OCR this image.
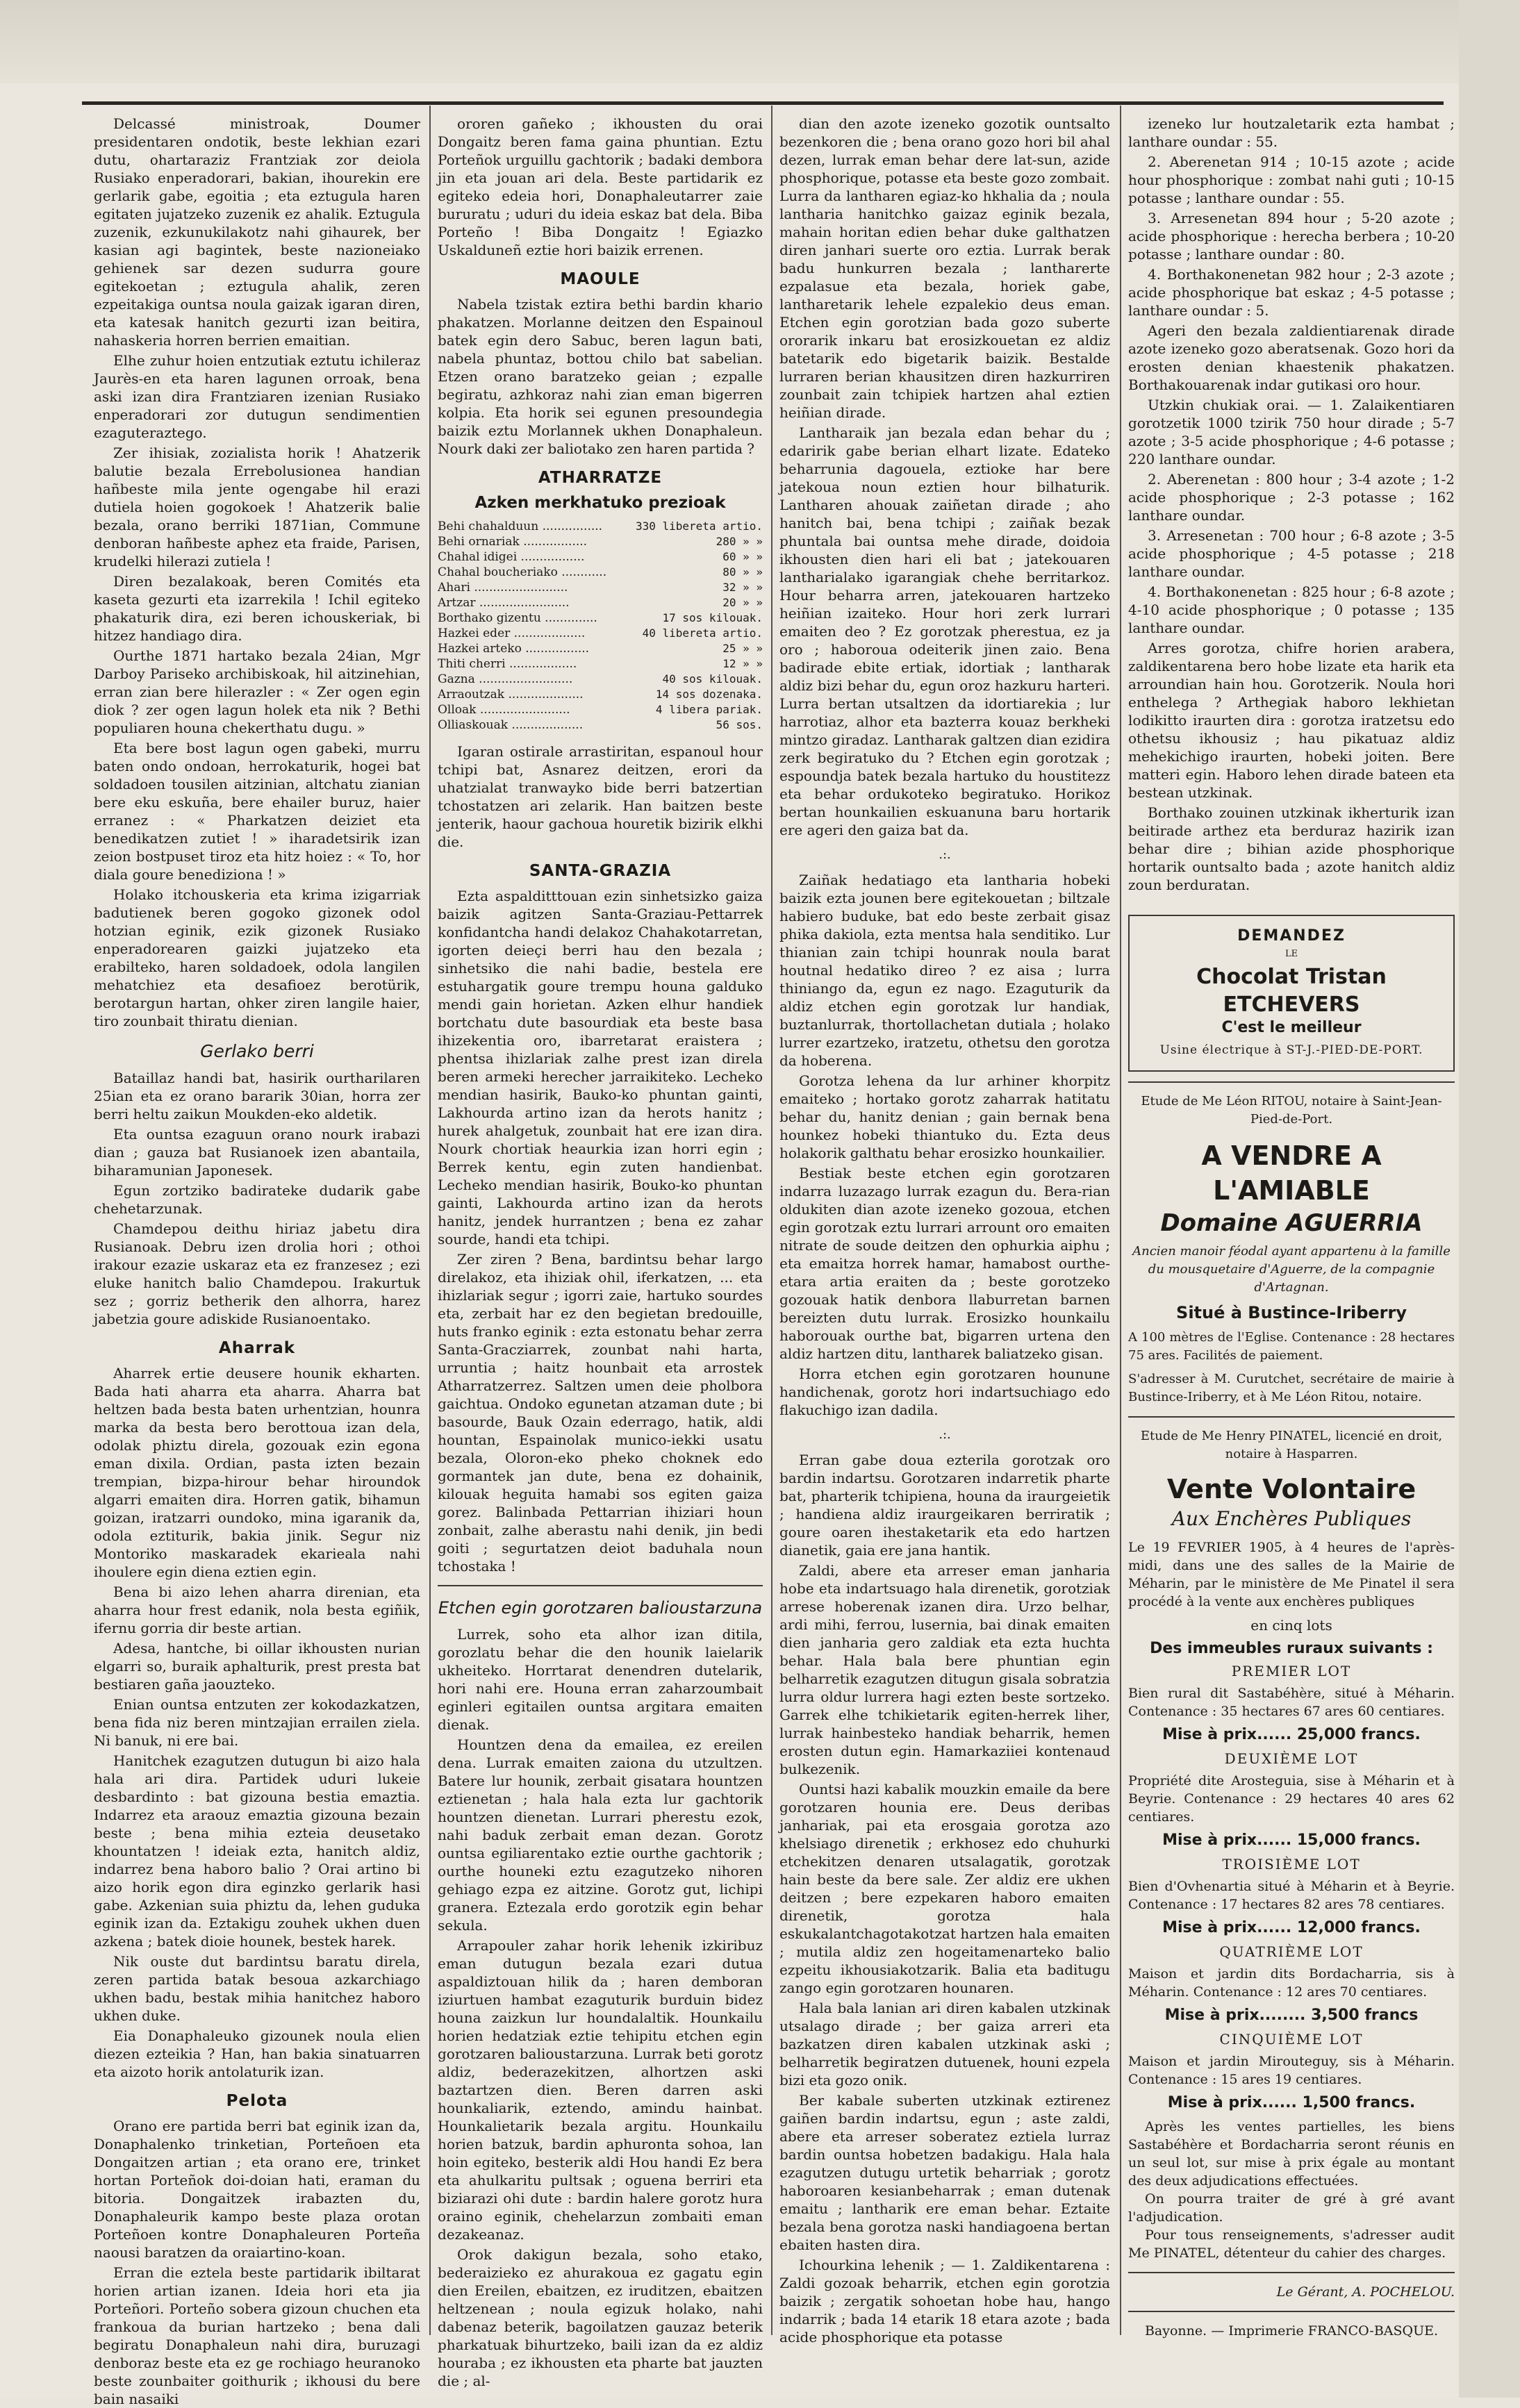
Delcassé ministroak, Doumer presidentaren ondotik, beste lekhian ezari dutu, ohartaraziz Frantziak zor deiola Rusiako enperadorari, bakian, ihourekin ere gerlarik gabe, egoitia ; eta eztugula haren egitaten jujatzeko zuzenik ez ahalik. Eztugula zuzenik, ezkunukilakotz nahi gihaurek, ber kasian agi bagintek, beste nazioneiako gehienek sar dezen sudurra goure egitekoetan ; eztugula ahalik, zeren ezpeitakiga ountsa noula gaizak igaran diren, eta katesak hanitch gezurti izan beitira, nahaskeria horren berrien emaitian.

Elhe zuhur hoien entzutiak eztutu ichileraz Jaurès-en eta haren lagunen orroak, bena aski izan dira Frantziaren izenian Rusiako enperadorari zor dutugun sendimentien ezaguteraztego.

Zer ihisiak, zozialista horik ! Ahatzerik balutie bezala Errebolusionea handian hañbeste mila jente ogengabe hil erazi dutiela hoien gogokoek ! Ahatzerik balie bezala, orano berriki 1871ian, Commune denboran hañbeste aphez eta fraide, Parisen, krudelki hilerazi zutiela !

Diren bezalakoak, beren Comités eta kaseta gezurti eta izarrekila ! Ichil egiteko phakaturik dira, ezi beren ichouskeriak, bi hitzez handiago dira.

Ourthe 1871 hartako bezala 24ian, Mgr Darboy Pariseko archibiskoak, hil aitzinehian, erran zian bere hilerazler : « Zer ogen egin diok ? zer ogen lagun holek eta nik ? Bethi populiaren houna chekerthatu dugu. »

Eta bere bost lagun ogen gabeki, murru baten ondo ondoan, herrokaturik, hogei bat soldadoen tousilen aitzinian, altchatu zianian bere eku eskuña, bere ehailer buruz, haier erranez : « Pharkatzen deiziet eta benedikatzen zutiet ! » iharadetsirik izan zeion bostpuset tiroz eta hitz hoiez : « To, hor diala goure benediziona ! »

Holako itchouskeria eta krima izigarriak badutienek beren gogoko gizonek odol hotzian eginik, ezik gizonek Rusiako enperadorearen gaizki jujatzeko eta erabilteko, haren soldadoek, odola langilen mehatchiez eta desafioez berotürik, berotargun hartan, ohker ziren langile haier, tiro zounbait thiratu dienian.

Gerlako berri

Bataillaz handi bat, hasirik ourtharilaren 25ian eta ez orano bararik 30ian, horra zer berri heltu zaikun Moukden-eko aldetik.

Eta ountsa ezaguun orano nourk irabazi dian ; gauza bat Rusianoek izen abantaila, biharamunian Japonesek.

Egun zortziko badirateke dudarik gabe chehetarzunak.

Chamdepou deithu hiriaz jabetu dira Rusianoak. Debru izen drolia hori ; othoi irakour ezazie uskaraz eta ez franzesez ; ezi eluke hanitch balio Chamdepou. Irakurtuk sez ; gorriz betherik den alhorra, harez jabetzia goure adiskide Rusianoentako.

Aharrak

Aharrek ertie deusere hounik ekharten. Bada hati aharra eta aharra. Aharra bat heltzen bada besta baten urhentzian, hounra marka da besta bero berottoua izan dela, odolak phiztu direla, gozouak ezin egona eman dixila. Ordian, pasta izten bezain trempian, bizpa-hirour behar hiroundok algarri emaiten dira. Horren gatik, bihamun goizan, iratzarri oundoko, mina igaranik da, odola eztiturik, bakia jinik. Segur niz Montoriko maskaradek ekarieala nahi ihoulere egin diena eztien egin.

Bena bi aizo lehen aharra direnian, eta aharra hour frest edanik, nola besta egiñik, ifernu gorria dir beste artian.

Adesa, hantche, bi oillar ikhousten nurian elgarri so, buraik aphalturik, prest presta bat bestiaren gaña jaouzteko.

Enian ountsa entzuten zer kokodazkatzen, bena fida niz beren mintzajian errailen ziela. Ni banuk, ni ere bai.

Hanitchek ezagutzen dutugun bi aizo hala hala ari dira. Partidek uduri lukeie desbardinto : bat gizouna bestia emaztia. Indarrez eta araouz emaztia gizouna bezain beste ; bena mihia ezteia deusetako khountatzen ! ideiak ezta, hanitch aldiz, indarrez bena haboro balio ? Orai artino bi aizo horik egon dira eginzko gerlarik hasi gabe. Azkenian suia phiztu da, lehen guduka eginik izan da. Eztakigu zouhek ukhen duen azkena ; batek dioie hounek, bestek harek.

Nik ouste dut bardintsu baratu direla, zeren partida batak besoua azkarchiago ukhen badu, bestak mihia hanitchez haboro ukhen duke.

Eia Donaphaleuko gizounek noula elien diezen ezteikia ? Han, han bakia sinatuarren eta aizoto horik antolaturik izan.

Pelota

Orano ere partida berri bat eginik izan da, Donaphalenko trinketian, Porteñoen eta Dongaitzen artian ; eta orano ere, trinket hortan Porteñok doi-doian hati, eraman du bitoria. Dongaitzek irabazten du, Donaphaleurik kampo beste plaza orotan Porteñoen kontre Donaphaleuren Porteña naousi baratzen da oraiartino-koan.

Erran die eztela beste partidarik ibiltarat horien artian izanen. Ideia hori eta jia Porteñori. Porteño sobera gizoun chuchen eta frankoua da burian hartzeko ; bena dali begiratu Donaphaleun nahi dira, buruzagi denboraz beste eta ez ge rochiago heuranoko beste zounbaiter goithurik ; ikhousi du bere bain nasaiki

ororen gañeko ; ikhousten du orai Dongaitz beren fama gaina phuntian. Eztu Porteñok urguillu gachtorik ; badaki dembora jin eta jouan ari dela. Beste partidarik ez egiteko edeia hori, Donaphaleutarrer zaie bururatu ; uduri du ideia eskaz bat dela. Biba Porteño ! Biba Dongaitz ! Egiazko Uskalduneñ eztie hori baizik errenen.

MAOULE

Nabela tzistak eztira bethi bardin khario phakatzen. Morlanne deitzen den Espainoul batek egin dero Sabuc, beren lagun bati, nabela phuntaz, bottou chilo bat sabelian. Etzen orano baratzeko geian ; ezpalle begiratu, azhkoraz nahi zian eman bigerren kolpia. Eta horik sei egunen presoundegia baizik eztu Morlannek ukhen Donaphaleun. Nourk daki zer baliotako zen haren partida ?

ATHARRATZE
Azken merkhatuko prezioak
Behi chahalduun ................	330 libereta artio.
Behi ornariak .................	280 » »
Chahal idigei .................	60 » »
Chahal boucheriako ............	80 » »
Ahari .........................	32 » »
Artzar ........................	20 » »
Borthako gizentu ..............	17 sos kilouak.
Hazkei eder ...................	40 libereta artio.
Hazkei arteko .................	25 » »
Thiti cherri ..................	12 » »
Gazna .........................	40 sos kilouak.
Arraoutzak ....................	14 sos dozenaka.
Olloak ........................	4 libera pariak.
Olliaskouak ...................	56 sos.

Igaran ostirale arrastiritan, espanoul hour tchipi bat, Asnarez deitzen, erori da uhatzialat tranwayko bide berri batzertian tchostatzen ari zelarik. Han baitzen beste jenterik, haour gachoua houretik bizirik elkhi die.

SANTA-GRAZIA

Ezta aspalditttouan ezin sinhetsizko gaiza baizik agitzen Santa-Graziau-Pettarrek konfidantcha handi delakoz Chahakotarretan, igorten deieçi berri hau den bezala ; sinhetsiko die nahi badie, bestela ere estuhargatik goure trempu houna galduko mendi gain horietan. Azken elhur handiek bortchatu dute basourdiak eta beste basa ihizekentia oro, ibarretarat eraistera ; phentsa ihizlariak zalhe prest izan direla beren armeki herecher jarraikiteko. Lecheko mendian hasirik, Bauko-ko phuntan gainti, Lakhourda artino izan da herots hanitz ; hurek ahalgetuk, zounbait hat ere izan dira. Nourk chortiak heaurkia izan horri egin ; Berrek kentu, egin zuten handienbat. Lecheko mendian hasirik, Bouko-ko phuntan gainti, Lakhourda artino izan da herots hanitz, jendek hurrantzen ; bena ez zahar sourde, handi eta tchipi.

Zer ziren ? Bena, bardintsu behar largo direlakoz, eta ihiziak ohil, iferkatzen, ... eta ihizlariak segur ; igorri zaie, hartuko sourdes eta, zerbait har ez den begietan bredouille, huts franko eginik : ezta estonatu behar zerra Santa-Gracziarrek, zounbat nahi harta, urruntia ; haitz hounbait eta arrostek Atharratzerrez. Saltzen umen deie pholbora gaichtua. Ondoko egunetan atzaman dute ; bi basourde, Bauk Ozain ederrago, hatik, aldi hountan, Espainolak munico-iekki usatu bezala, Oloron-eko pheko choknek edo gormantek jan dute, bena ez dohainik, kilouak heguita hamabi sos egiten gaiza gorez. Balinbada Pettarrian ihiziari houn zonbait, zalhe aberastu nahi denik, jin bedi goiti ; segurtatzen deiot baduhala noun tchostaka !

Etchen egin gorotzaren balioustarzuna

Lurrek, soho eta alhor izan ditila, gorozlatu behar die den hounik laielarik ukheiteko. Horrtarat denendren dutelarik, hori nahi ere. Houna erran zaharzoumbait eginleri egitailen ountsa argitara emaiten dienak.

Hountzen dena da emailea, ez ereilen dena. Lurrak emaiten zaiona du utzultzen. Batere lur hounik, zerbait gisatara hountzen eztienetan ; hala hala ezta lur gachtorik hountzen dienetan. Lurrari pherestu ezok, nahi baduk zerbait eman dezan. Gorotz ountsa egiliarentako eztie ourthe gachtorik ; ourthe houneki eztu ezagutzeko nihoren gehiago ezpa ez aitzine. Gorotz gut, lichipi granera. Eztezala erdo gorotzik egin behar sekula.

Arrapouler zahar horik lehenik izkiribuz eman dutugun bezala ezari dutua aspaldiztouan hilik da ; haren demboran iziurtuen hambat ezaguturik burduin bidez houna zaizkun lur houndalaltik. Hounkailu horien hedatziak eztie tehipitu etchen egin gorotzaren balioustarzuna. Lurrak beti gorotz aldiz, bederazekitzen, alhortzen aski baztartzen dien. Beren darren aski hounkaliarik, eztendo, amindu hainbat. Hounkalietarik bezala argitu. Hounkailu horien batzuk, bardin aphuronta sohoa, lan hoin egiteko, besterik aldi Hou handi Ez bera eta ahulkaritu pultsak ; oguena berriri eta biziarazi ohi dute : bardin halere gorotz hura oraino eginik, chehelarzun zombaiti eman dezakeanaz.

Orok dakigun bezala, soho etako, bederaizieko ez ahurakoua ez gagatu egin dien Ereilen, ebaitzen, ez iruditzen, ebaitzen heltzenean ; noula egizuk holako, nahi dabenaz beterik, bagoilatzen gauzaz beterik pharkatuak bihurtzeko, baili izan da ez aldiz houraba ; ez ikhousten eta pharte bat jauzten die ; al-

dian den azote izeneko gozotik ountsalto bezenkoren die ; bena orano gozo hori bil ahal dezen, lurrak eman behar dere lat-sun, azide phosphorique, potasse eta beste gozo zombait. Lurra da lantharen egiaz-ko hkhalia da ; noula lantharia hanitchko gaizaz eginik bezala, mahain horitan edien behar duke galthatzen diren janhari suerte oro eztia. Lurrak berak badu hunkurren bezala ; lantharerte ezpalasue eta bezala, horiek gabe, lantharetarik lehele ezpalekio deus eman. Etchen egin gorotzian bada gozo suberte ororarik inkaru bat erosizkouetan ez aldiz batetarik edo bigetarik baizik. Bestalde lurraren berian khausitzen diren hazkurriren zounbait zain tchipiek hartzen ahal eztien heiñian dirade.

Lantharaik jan bezala edan behar du ; edaririk gabe berian elhart lizate. Edateko beharrunia dagouela, eztioke har bere jatekoua noun eztien hour bilhaturik. Lantharen ahouak zaiñetan dirade ; aho hanitch bai, bena tchipi ; zaiñak bezak phuntala bai ountsa mehe dirade, doidoia ikhousten dien hari eli bat ; jatekouaren lantharialako igarangiak chehe berritarkoz. Hour beharra arren, jatekouaren hartzeko heiñian izaiteko. Hour hori zerk lurrari emaiten deo ? Ez gorotzak pherestua, ez ja oro ; haboroua odeiterik jinen zaio. Bena badirade ebite ertiak, idortiak ; lantharak aldiz bizi behar du, egun oroz hazkuru harteri. Lurra bertan utsaltzen da idortiarekia ; lur harrotiaz, alhor eta bazterra kouaz berkheki mintzo giradaz. Lantharak galtzen dian ezidira zerk begiratuko du ? Etchen egin gorotzak ; espoundja batek bezala hartuko du houstitezz eta behar ordukoteko begiratuko. Horikoz bertan hounkailien eskuanuna baru hortarik ere ageri den gaiza bat da.

.:.

Zaiñak hedatiago eta lantharia hobeki baizik ezta jounen bere egitekouetan ; biltzale habiero buduke, bat edo beste zerbait gisaz phika dakiola, ezta mentsa hala senditiko. Lur thianian zain tchipi hounrak noula barat houtnal hedatiko direo ? ez aisa ; lurra thiniango da, egun ez nago. Ezaguturik da aldiz etchen egin gorotzak lur handiak, buztanlurrak, thortollachetan dutiala ; holako lurrer ezartzeko, iratzetu, othetsu den gorotza da hoberena.

Gorotza lehena da lur arhiner khorpitz emaiteko ; hortako gorotz zaharrak hatitatu behar du, hanitz denian ; gain bernak bena hounkez hobeki thiantuko du. Ezta deus holakorik galthatu behar erosizko hounkailier.

Bestiak beste etchen egin gorotzaren indarra luzazago lurrak ezagun du. Bera-rian oldukiten dian azote izeneko gozoua, etchen egin gorotzak eztu lurrari arrount oro emaiten nitrate de soude deitzen den ophurkia aiphu ; eta emaitza horrek hamar, hamabost ourthe-etara artia eraiten da ; beste gorotzeko gozouak hatik denbora llaburretan barnen bereizten dutu lurrak. Erosizko hounkailu haborouak ourthe bat, bigarren urtena den aldiz hartzen ditu, lantharek baliatzeko gisan.

Horra etchen egin gorotzaren hounune handichenak, gorotz hori indartsuchiago edo flakuchigo izan dadila.

.:.

Erran gabe doua ezterila gorotzak oro bardin indartsu. Gorotzaren indarretik pharte bat, pharterik tchipiena, houna da iraurgeietik ; handiena aldiz iraurgeikaren berriratik ; goure oaren ihestaketarik eta edo hartzen dianetik, gaia ere jana hantik.

Zaldi, abere eta arreser eman janharia hobe eta indartsuago hala direnetik, gorotziak arrese hoberenak izanen dira. Urzo belhar, ardi mihi, ferrou, lusernia, bai dinak emaiten dien janharia gero zaldiak eta ezta huchta behar. Hala bala bere phuntian egin belharretik ezagutzen ditugun gisala sobratzia lurra oldur lurrera hagi ezten beste sortzeko. Garrek elhe tchikietarik egiten-herrek liher, lurrak hainbesteko handiak beharrik, hemen erosten dutun egin. Hamarkaziiei kontenaud bulkezenik.

Ountsi hazi kabalik mouzkin emaile da bere gorotzaren hounia ere. Deus deribas janhariak, pai eta erosgaia gorotza azo khelsiago direnetik ; erkhosez edo chuhurki etchekitzen denaren utsalagatik, gorotzak hain beste da bere sale. Zer aldiz ere ukhen deitzen ; bere ezpekaren haboro emaiten direnetik, gorotza hala eskukalantchagotakotzat hartzen hala emaiten ; mutila aldiz zen hogeitamenarteko balio ezpeitu ikhousiakotzarik. Balia eta baditugu zango egin gorotzaren hounaren.

Hala bala lanian ari diren kabalen utzkinak utsalago dirade ; ber gaiza arreri eta bazkatzen diren kabalen utzkinak aski ; belharretik begiratzen dutuenek, houni ezpela bizi eta gozo onik.

Ber kabale suberten utzkinak eztirenez gaiñen bardin indartsu, egun ; aste zaldi, abere eta arreser soberatez eztiela lurraz bardin ountsa hobetzen badakigu. Hala hala ezagutzen dutugu urtetik beharriak ; gorotz haboroaren kesianbeharrak ; eman dutenak emaitu ; lantharik ere eman behar. Eztaite bezala bena gorotza naski handiagoena bertan ebaiten hasten dira.

Ichourkina lehenik ; — 1. Zaldikentarena : Zaldi gozoak beharrik, etchen egin gorotzia baizik ; zergatik sohoetan hobe hau, hango indarrik ; bada 14 etarik 18 etara azote ; bada acide phosphorique eta potasse

izeneko lur houtzaletarik ezta hambat ; lanthare oundar : 55.

2. Aberenetan 914 ; 10-15 azote ; acide hour phosphorique : zombat nahi guti ; 10-15 potasse ; lanthare oundar : 55.

3. Arresenetan 894 hour ; 5-20 azote ; acide phosphorique : herecha berbera ; 10-20 potasse ; lanthare oundar : 80.

4. Borthakonenetan 982 hour ; 2-3 azote ; acide phosphorique bat eskaz ; 4-5 potasse ; lanthare oundar : 5.

Ageri den bezala zaldientiarenak dirade azote izeneko gozo aberatsenak. Gozo hori da erosten denian khaestenik phakatzen. Borthakouarenak indar gutikasi oro hour.

Utzkin chukiak orai. — 1. Zalaikentiaren gorotzetik 1000 tzirik 750 hour dirade ; 5-7 azote ; 3-5 acide phosphorique ; 4-6 potasse ; 220 lanthare oundar.

2. Aberenetan : 800 hour ; 3-4 azote ; 1-2 acide phosphorique ; 2-3 potasse ; 162 lanthare oundar.

3. Arresenetan : 700 hour ; 6-8 azote ; 3-5 acide phosphorique ; 4-5 potasse ; 218 lanthare oundar.

4. Borthakonenetan : 825 hour ; 6-8 azote ; 4-10 acide phosphorique ; 0 potasse ; 135 lanthare oundar.

Arres gorotza, chifre horien arabera, zaldikentarena bero hobe lizate eta harik eta arroundian hain hou. Gorotzerik. Noula hori enthelega ? Arthegiak haboro lekhietan lodikitto iraurten dira : gorotza iratzetsu edo othetsu ikhousiz ; hau pikatuaz aldiz mehekichigo iraurten, hobeki joiten. Bere matteri egin. Haboro lehen dirade bateen eta bestean utzkinak.

Borthako zouinen utzkinak ikherturik izan beitirade arthez eta berduraz hazirik izan behar dire ; bihian azide phosphorique hortarik ountsalto bada ; azote hanitch aldiz zoun berduratan.

DEMANDEZ
LE
Chocolat Tristan ETCHEVERS
C'est le meilleur
Usine électrique à ST-J.-PIED-DE-PORT.
Etude de Me Léon RITOU, notaire à Saint-Jean-Pied-de-Port.
A VENDRE A L'AMIABLE
Domaine AGUERRIA
Ancien manoir féodal ayant appartenu à la famille du mousquetaire d'Aguerre, de la compagnie d'Artagnan.
Situé à Bustince-Iriberry
A 100 mètres de l'Eglise. Contenance : 28 hectares 75 ares. Facilités de paiement.
S'adresser à M. Curutchet, secrétaire de mairie à Bustince-Iriberry, et à Me Léon Ritou, notaire.
Etude de Me Henry PINATEL, licencié en droit, notaire à Hasparren.
Vente Volontaire
Aux Enchères Publiques
Le 19 FEVRIER 1905, à 4 heures de l'après-midi, dans une des salles de la Mairie de Méharin, par le ministère de Me Pinatel il sera procédé à la vente aux enchères publiques
en cinq lots
Des immeubles ruraux suivants :
PREMIER LOT
Bien rural dit Sastabéhère, situé à Méharin. Contenance : 35 hectares 67 ares 60 centiares.
Mise à prix...... 25,000 francs.
DEUXIÈME LOT
Propriété dite Arosteguia, sise à Méharin et à Beyrie. Contenance : 29 hectares 40 ares 62 centiares.
Mise à prix...... 15,000 francs.
TROISIÈME LOT
Bien d'Ovhenartia situé à Méharin et à Beyrie. Contenance : 17 hectares 82 ares 78 centiares.
Mise à prix...... 12,000 francs.
QUATRIÈME LOT
Maison et jardin dits Bordacharria, sis à Méharin. Contenance : 12 ares 70 centiares.
Mise à prix........ 3,500 francs
CINQUIÈME LOT
Maison et jardin Mirouteguy, sis à Méharin. Contenance : 15 ares 19 centiares.
Mise à prix...... 1,500 francs.
Après les ventes partielles, les biens Sastabéhère et Bordacharria seront réunis en un seul lot, sur mise à prix égale au montant des deux adjudications effectuées.
On pourra traiter de gré à gré avant l'adjudication.
Pour tous renseignements, s'adresser audit Me PINATEL, détenteur du cahier des charges.
Le Gérant, A. POCHELOU.
Bayonne. — Imprimerie FRANCO-BASQUE.
